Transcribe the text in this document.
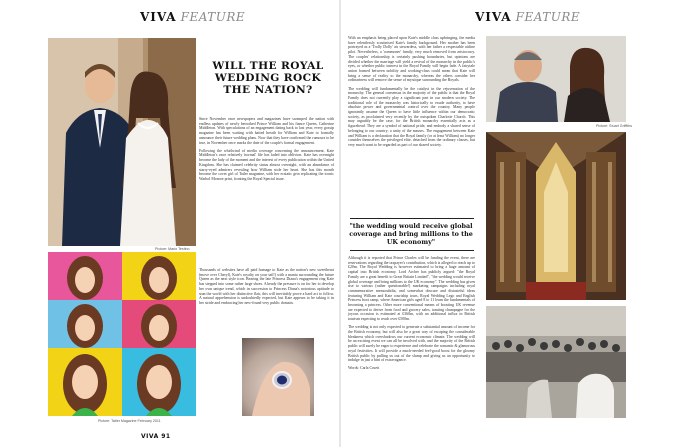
VIVA FEATURE	VIVA FEATURE
Picture: Mario Testino
WILL THE ROYAL WEDDING ROCK THE NATION?

Since November once newspapers and magazines have swamped the nation with endless updates of newly betrothed Prince William and his fiance Queen, Catherine Middleton. With speculations of an engagement dating back to last year, every gossip magazine has been waiting with baited breath for William and Kate to formally announce their future wedding plans. Now that they have confirmed the rumours to be true, in November once marks the date of the couple's formal engagement.

Following the whirlwind of media coverage concerning the announcement, Kate Middleton's once relatively 'normal' life has faded into oblivion. Kate has overnight become the lady of the moment and the interest of every publication within the United Kingdom. She has claimed celebrity status almost overnight, with an abundance of starry-eyed admirers revealing how William stole her heart. She has this month become the cover girl of Tatler magazine, with her ecstatic grin replicating the iconic Warhol Monroe print, fronting the Royal Special issue.

Thousands of websites have all paid homage to Kate as the nation's new sweetheart (move over Cheryl), Kate's royalty on your tail!) with a mania surrounding the future Queen as the next style icon. Bearing the late Princess Diana's engagement ring Kate has stepped into some rather large shoes. Already the pressure is on for her to develop her own unique trend, which in succession to Princess Diana's notorious aptitude to stun the world with her distinctive flair, this will inevitably prove a hard act to follow. A natural apprehension is undoubtedly expected, but Kate appears to be taking it in her stride and embracing her new-found very public domain.

Picture: Tatler Magazine February 2011
VIVA 91

With an emphasis being placed upon Kate's middle class upbringing, the media have relentlessly scrutinised Kate's family background. Her mother has been portrayed as a 'Trolly Dolly' air stewardess, with her father a respectable airline pilot. Nevertheless, a 'commoner' family, very much removed from aristocracy. The couples' relationship is certainly pushing boundaries, but opinions are divided whether the marriage will yield a revival of the monarchy in the public's eyes, or whether public interest in the Royal Family will begin fade. A fairytale union formed between nobility and working-class could mean that Kate will bring a sense of reality to the monarchy, whereas the others consider her ordinariness will remove the sense of mystique surrounding the Royals.

The wedding will fundamentally be the catalyst in the rejuvenation of the monarchy. The general consensus in the majority of the public is that the Royal Family does not currently play a significant part in our modern society. The traditional role of the monarchy was historically to exude authority, to have absolute power and governmental control over the country. Many people ignorantly assume the Queen to have little influence within our democratic society, as proclaimed very recently by the outspoken Charlotte Church. This may arguably be the case, for the British monarchy essentially acts as a figurehead. They are a symbol of national pride, and embody a shared sense of belonging to our country; a unity of the masses. The engagement between Kate and William is a declaration that the Royal family (or at least William) no longer consider themselves the privileged elite, detached from the ordinary classes, but very much want to be regarded as part of our shared society.

"the wedding would receive global coverage and bring millions to the UK economy"

Although it is reported that Prince Charles will be funding the event, there are reservations regarding the taxpayer's contribution, which is alleged to reach up to £20m. The Royal Wedding is however estimated to bring a huge amount of capital into British economy. Lord Archer has publicly argued: "the Royal Family are a great benefit to Great Britain Limited", "the wedding would receive global coverage and bring millions to the UK economy". The wedding has given rise to various (rather questionable!) marketing campaigns including royal commemorative memorabilia, and somewhat obscure and distasteful ideas featuring William and Kate courtship tours, Royal Wedding Lego and English Princess boot camp, where American girls aged 8 to 11 learn the fundamentals of becoming a princess. Other more conventional means of boosting UK revenue are expected to derive from food and grocery sales, toasting champagne for the joyous occasion is estimated at £360m, with an additional influx in British tourism expecting to reach over £500m.

The wedding is not only expected to generate a substantial amount of income for the British economy, but will also be a great way of escaping the considerable bleakness which overshadows our current economic climate. The wedding will be an exciting event we can all be involved with, and the majority of the British public will surely be eager to experience and celebrate the romantic & glamorous royal festivities. It will provide a much-needed feel-good boost for the gloomy British public by pulling us out of the slump and giving us an opportunity to indulge in just a hint of extravagance.

Words: Carla Cruett

Picture: Stuart Griffiths
